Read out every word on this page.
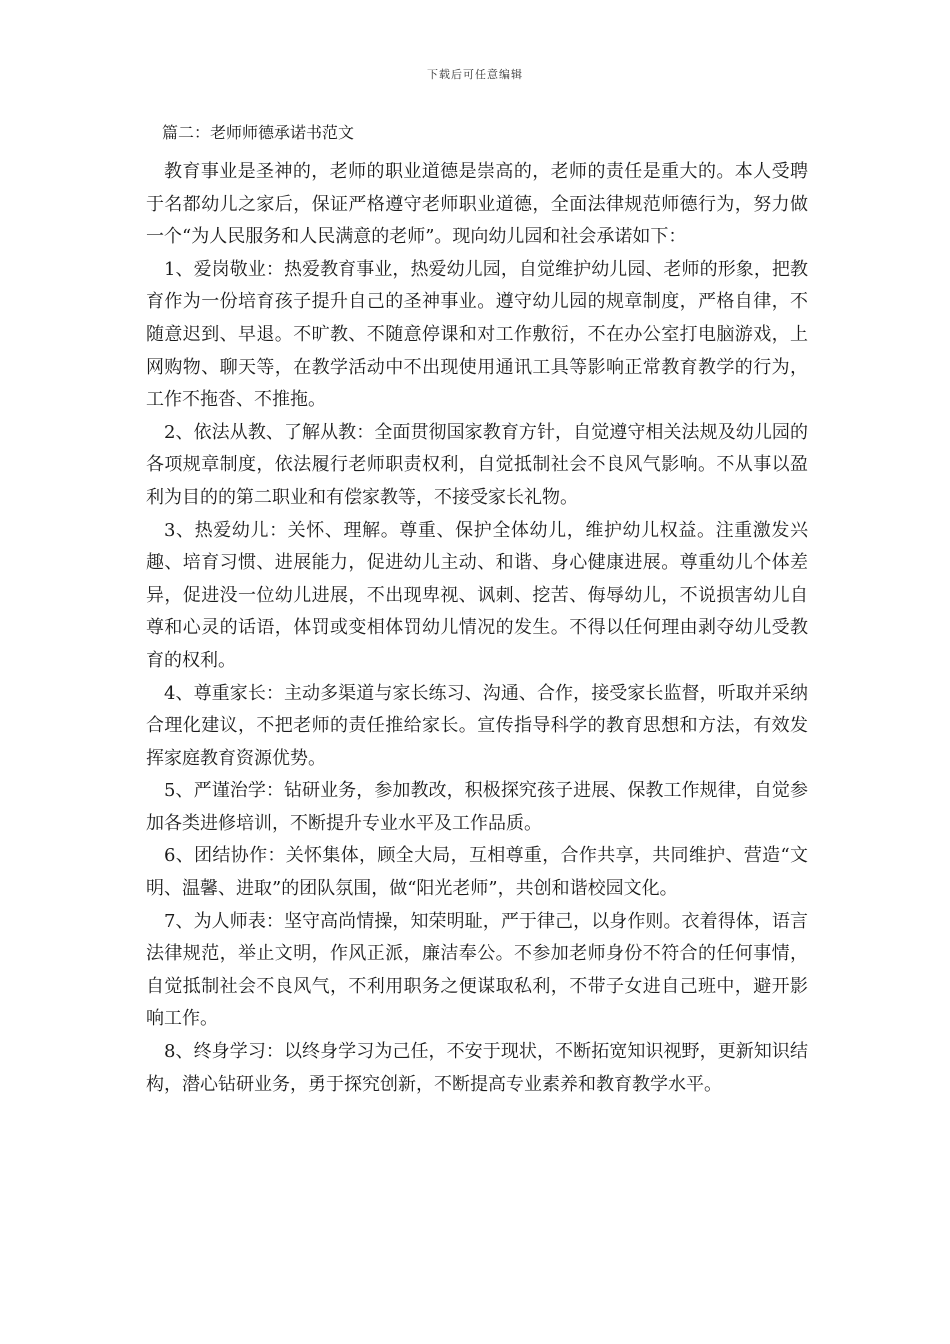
下载后可任意编辑

篇二：老师师德承诺书范文

教育事业是圣神的，老师的职业道德是崇高的，老师的责任是重大的。本人受聘于名都幼儿之家后，保证严格遵守老师职业道德，全面法律规范师德行为，努力做一个“为人民服务和人民满意的老师”。现向幼儿园和社会承诺如下：

1、爱岗敬业：热爱教育事业，热爱幼儿园，自觉维护幼儿园、老师的形象，把教育作为一份培育孩子提升自己的圣神事业。遵守幼儿园的规章制度，严格自律，不随意迟到、早退。不旷教、不随意停课和对工作敷衍，不在办公室打电脑游戏，上网购物、聊天等，在教学活动中不出现使用通讯工具等影响正常教育教学的行为，工作不拖沓、不推拖。

2、依法从教、了解从教：全面贯彻国家教育方针，自觉遵守相关法规及幼儿园的各项规章制度，依法履行老师职责权利，自觉抵制社会不良风气影响。不从事以盈利为目的的第二职业和有偿家教等，不接受家长礼物。

3、热爱幼儿：关怀、理解。尊重、保护全体幼儿，维护幼儿权益。注重激发兴趣、培育习惯、进展能力，促进幼儿主动、和谐、身心健康进展。尊重幼儿个体差异，促进没一位幼儿进展，不出现卑视、讽刺、挖苦、侮辱幼儿，不说损害幼儿自尊和心灵的话语，体罚或变相体罚幼儿情况的发生。不得以任何理由剥夺幼儿受教育的权利。

4、尊重家长：主动多渠道与家长练习、沟通、合作，接受家长监督，听取并采纳合理化建议，不把老师的责任推给家长。宣传指导科学的教育思想和方法，有效发挥家庭教育资源优势。

5、严谨治学：钻研业务，参加教改，积极探究孩子进展、保教工作规律，自觉参加各类进修培训，不断提升专业水平及工作品质。

6、团结协作：关怀集体，顾全大局，互相尊重，合作共享，共同维护、营造“文明、温馨、进取”的团队氛围，做“阳光老师”，共创和谐校园文化。

7、为人师表：坚守高尚情操，知荣明耻，严于律己，以身作则。衣着得体，语言法律规范，举止文明，作风正派，廉洁奉公。不参加老师身份不符合的任何事情，自觉抵制社会不良风气，不利用职务之便谋取私利，不带子女进自己班中，避开影响工作。

8、终身学习：以终身学习为己任，不安于现状，不断拓宽知识视野，更新知识结构，潜心钻研业务，勇于探究创新，不断提高专业素养和教育教学水平。
